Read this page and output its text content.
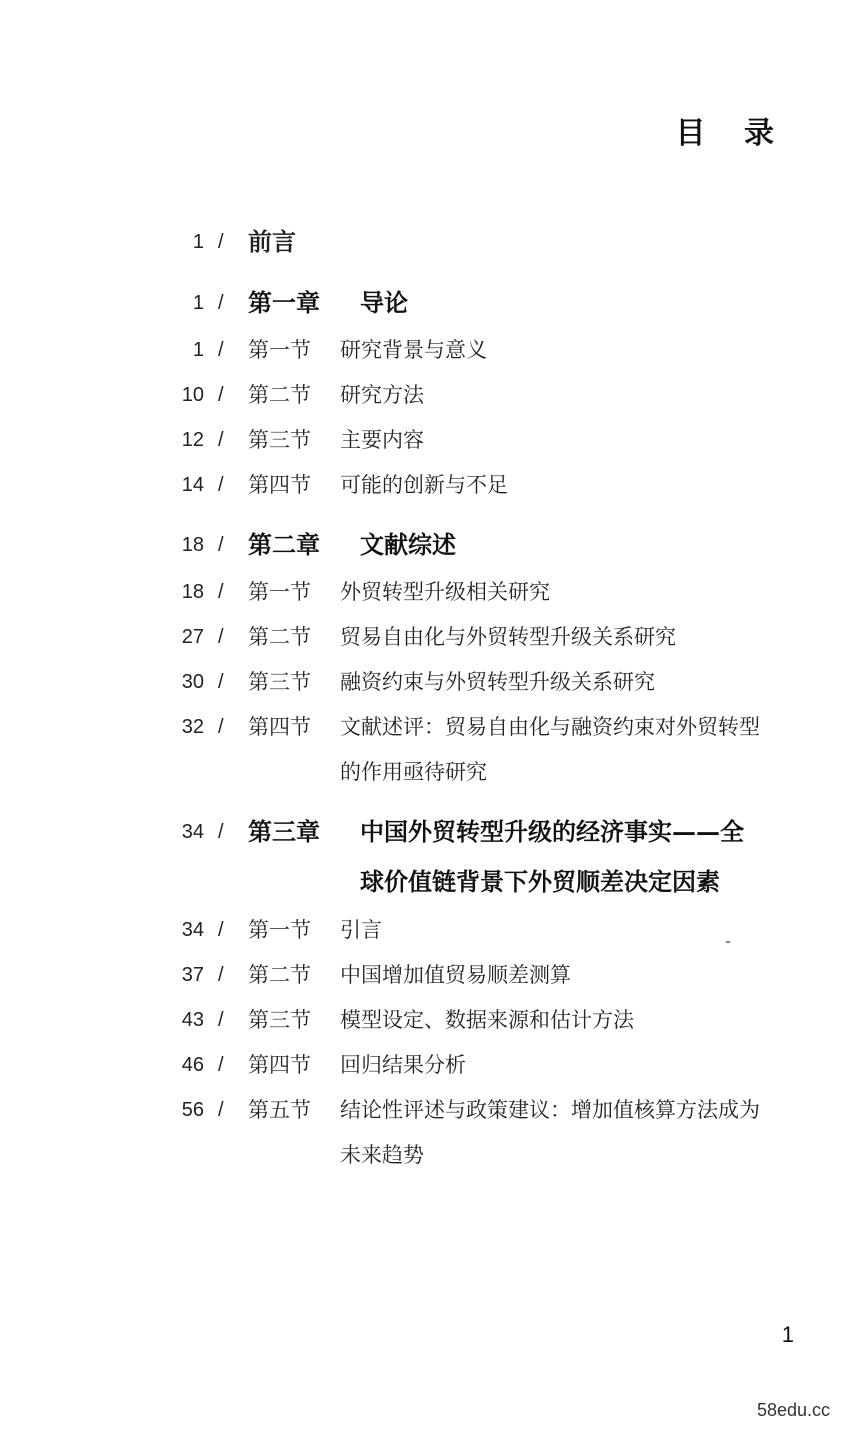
目 录
1 / 前言
1 / 第一章 导论
1 / 第一节 研究背景与意义
10 / 第二节 研究方法
12 / 第三节 主要内容
14 / 第四节 可能的创新与不足
18 / 第二章 文献综述
18 / 第一节 外贸转型升级相关研究
27 / 第二节 贸易自由化与外贸转型升级关系研究
30 / 第三节 融资约束与外贸转型升级关系研究
32 / 第四节 文献述评：贸易自由化与融资约束对外贸转型
的作用亟待研究
34 / 第三章 中国外贸转型升级的经济事实——全
球价值链背景下外贸顺差决定因素
34 / 第一节 引言
37 / 第二节 中国增加值贸易顺差测算
43 / 第三节 模型设定、数据来源和估计方法
46 / 第四节 回归结果分析
56 / 第五节 结论性评述与政策建议：增加值核算方法成为
未来趋势
1
58edu.cc
